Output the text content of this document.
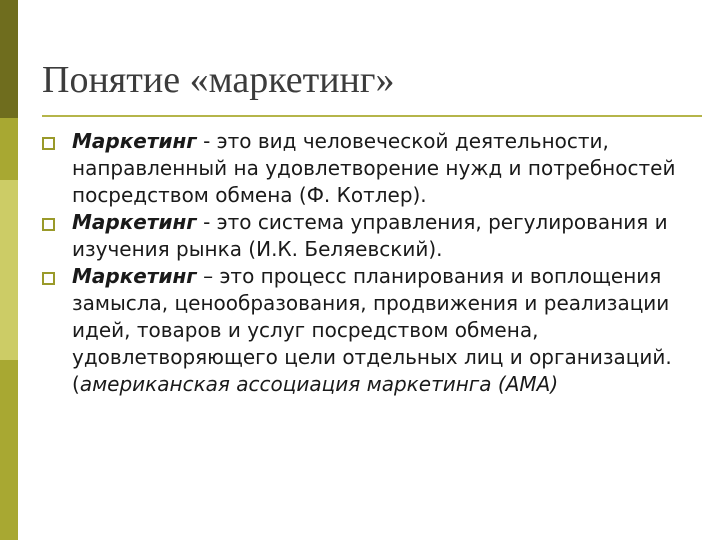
Понятие «маркетинг»
Маркетинг - это вид человеческой деятельности, направленный на удовлетворение нужд и потребностей посредством обмена (Ф. Котлер).
Маркетинг - это система управления, регулирования и изучения рынка (И.К. Беляевский).
Маркетинг – это процесс планирования и воплощения замысла, ценообразования, продвижения и реализации идей, товаров и услуг посредством обмена, удовлетворяющего цели отдельных лиц и организаций. (американская ассоциация маркетинга (АМА)
